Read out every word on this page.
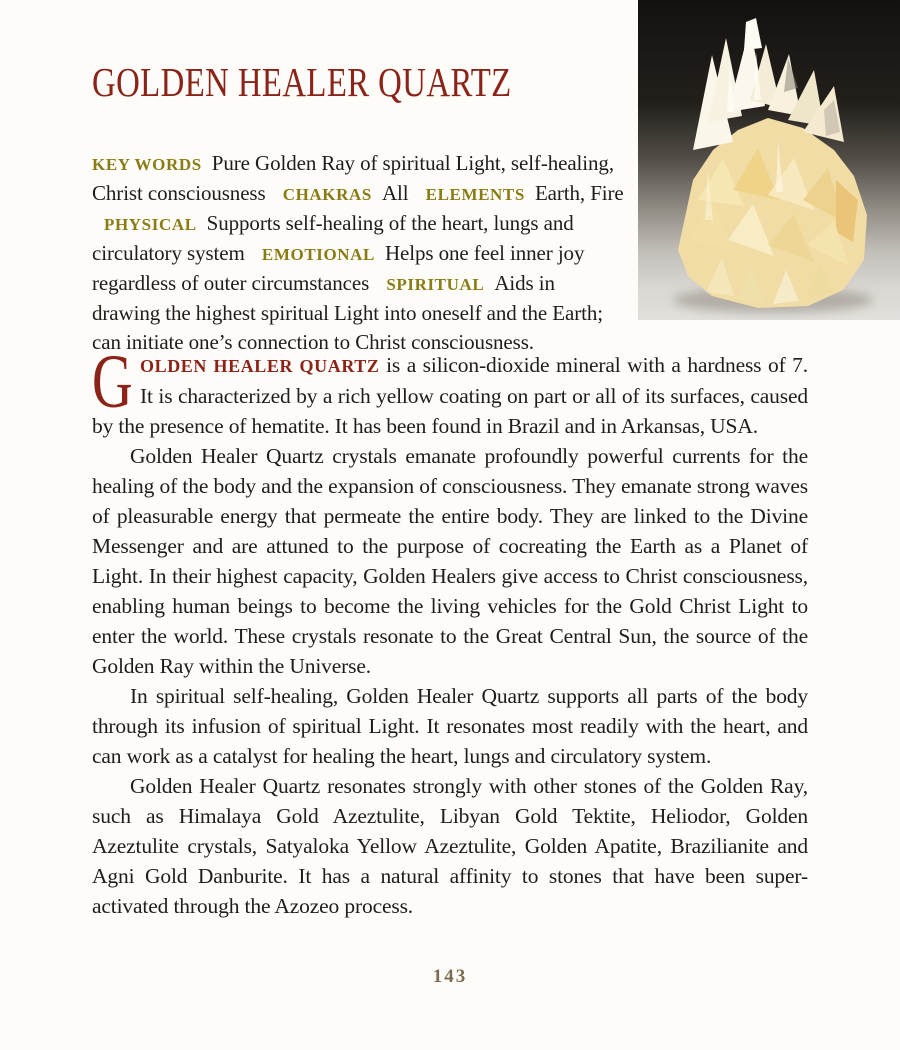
GOLDEN HEALER QUARTZ

KEY WORDS Pure Golden Ray of spiritual Light, self-healing, Christ consciousness CHAKRAS All ELEMENTS Earth, Fire PHYSICAL Supports self-healing of the heart, lungs and circulatory system EMOTIONAL Helps one feel inner joy regardless of outer circumstances SPIRITUAL Aids in drawing the highest spiritual Light into oneself and the Earth; can initiate one’s connection to Christ consciousness.

GOLDEN HEALER QUARTZ is a silicon-dioxide mineral with a hardness of 7. It is characterized by a rich yellow coating on part or all of its surfaces, caused by the presence of hematite. It has been found in Brazil and in Arkansas, USA.

Golden Healer Quartz crystals emanate profoundly powerful currents for the healing of the body and the expansion of consciousness. They emanate strong waves of pleasurable energy that permeate the entire body. They are linked to the Divine Messenger and are attuned to the purpose of cocreating the Earth as a Planet of Light. In their highest capacity, Golden Healers give access to Christ consciousness, enabling human beings to become the living vehicles for the Gold Christ Light to enter the world. These crystals resonate to the Great Central Sun, the source of the Golden Ray within the Universe.

In spiritual self-healing, Golden Healer Quartz supports all parts of the body through its infusion of spiritual Light. It resonates most readily with the heart, and can work as a catalyst for healing the heart, lungs and circulatory system.

Golden Healer Quartz resonates strongly with other stones of the Golden Ray, such as Himalaya Gold Azeztulite, Libyan Gold Tektite, Heliodor, Golden Azeztulite crystals, Satyaloka Yellow Azeztulite, Golden Apatite, Brazilianite and Agni Gold Danburite. It has a natural affinity to stones that have been super-activated through the Azozeo process.

143
